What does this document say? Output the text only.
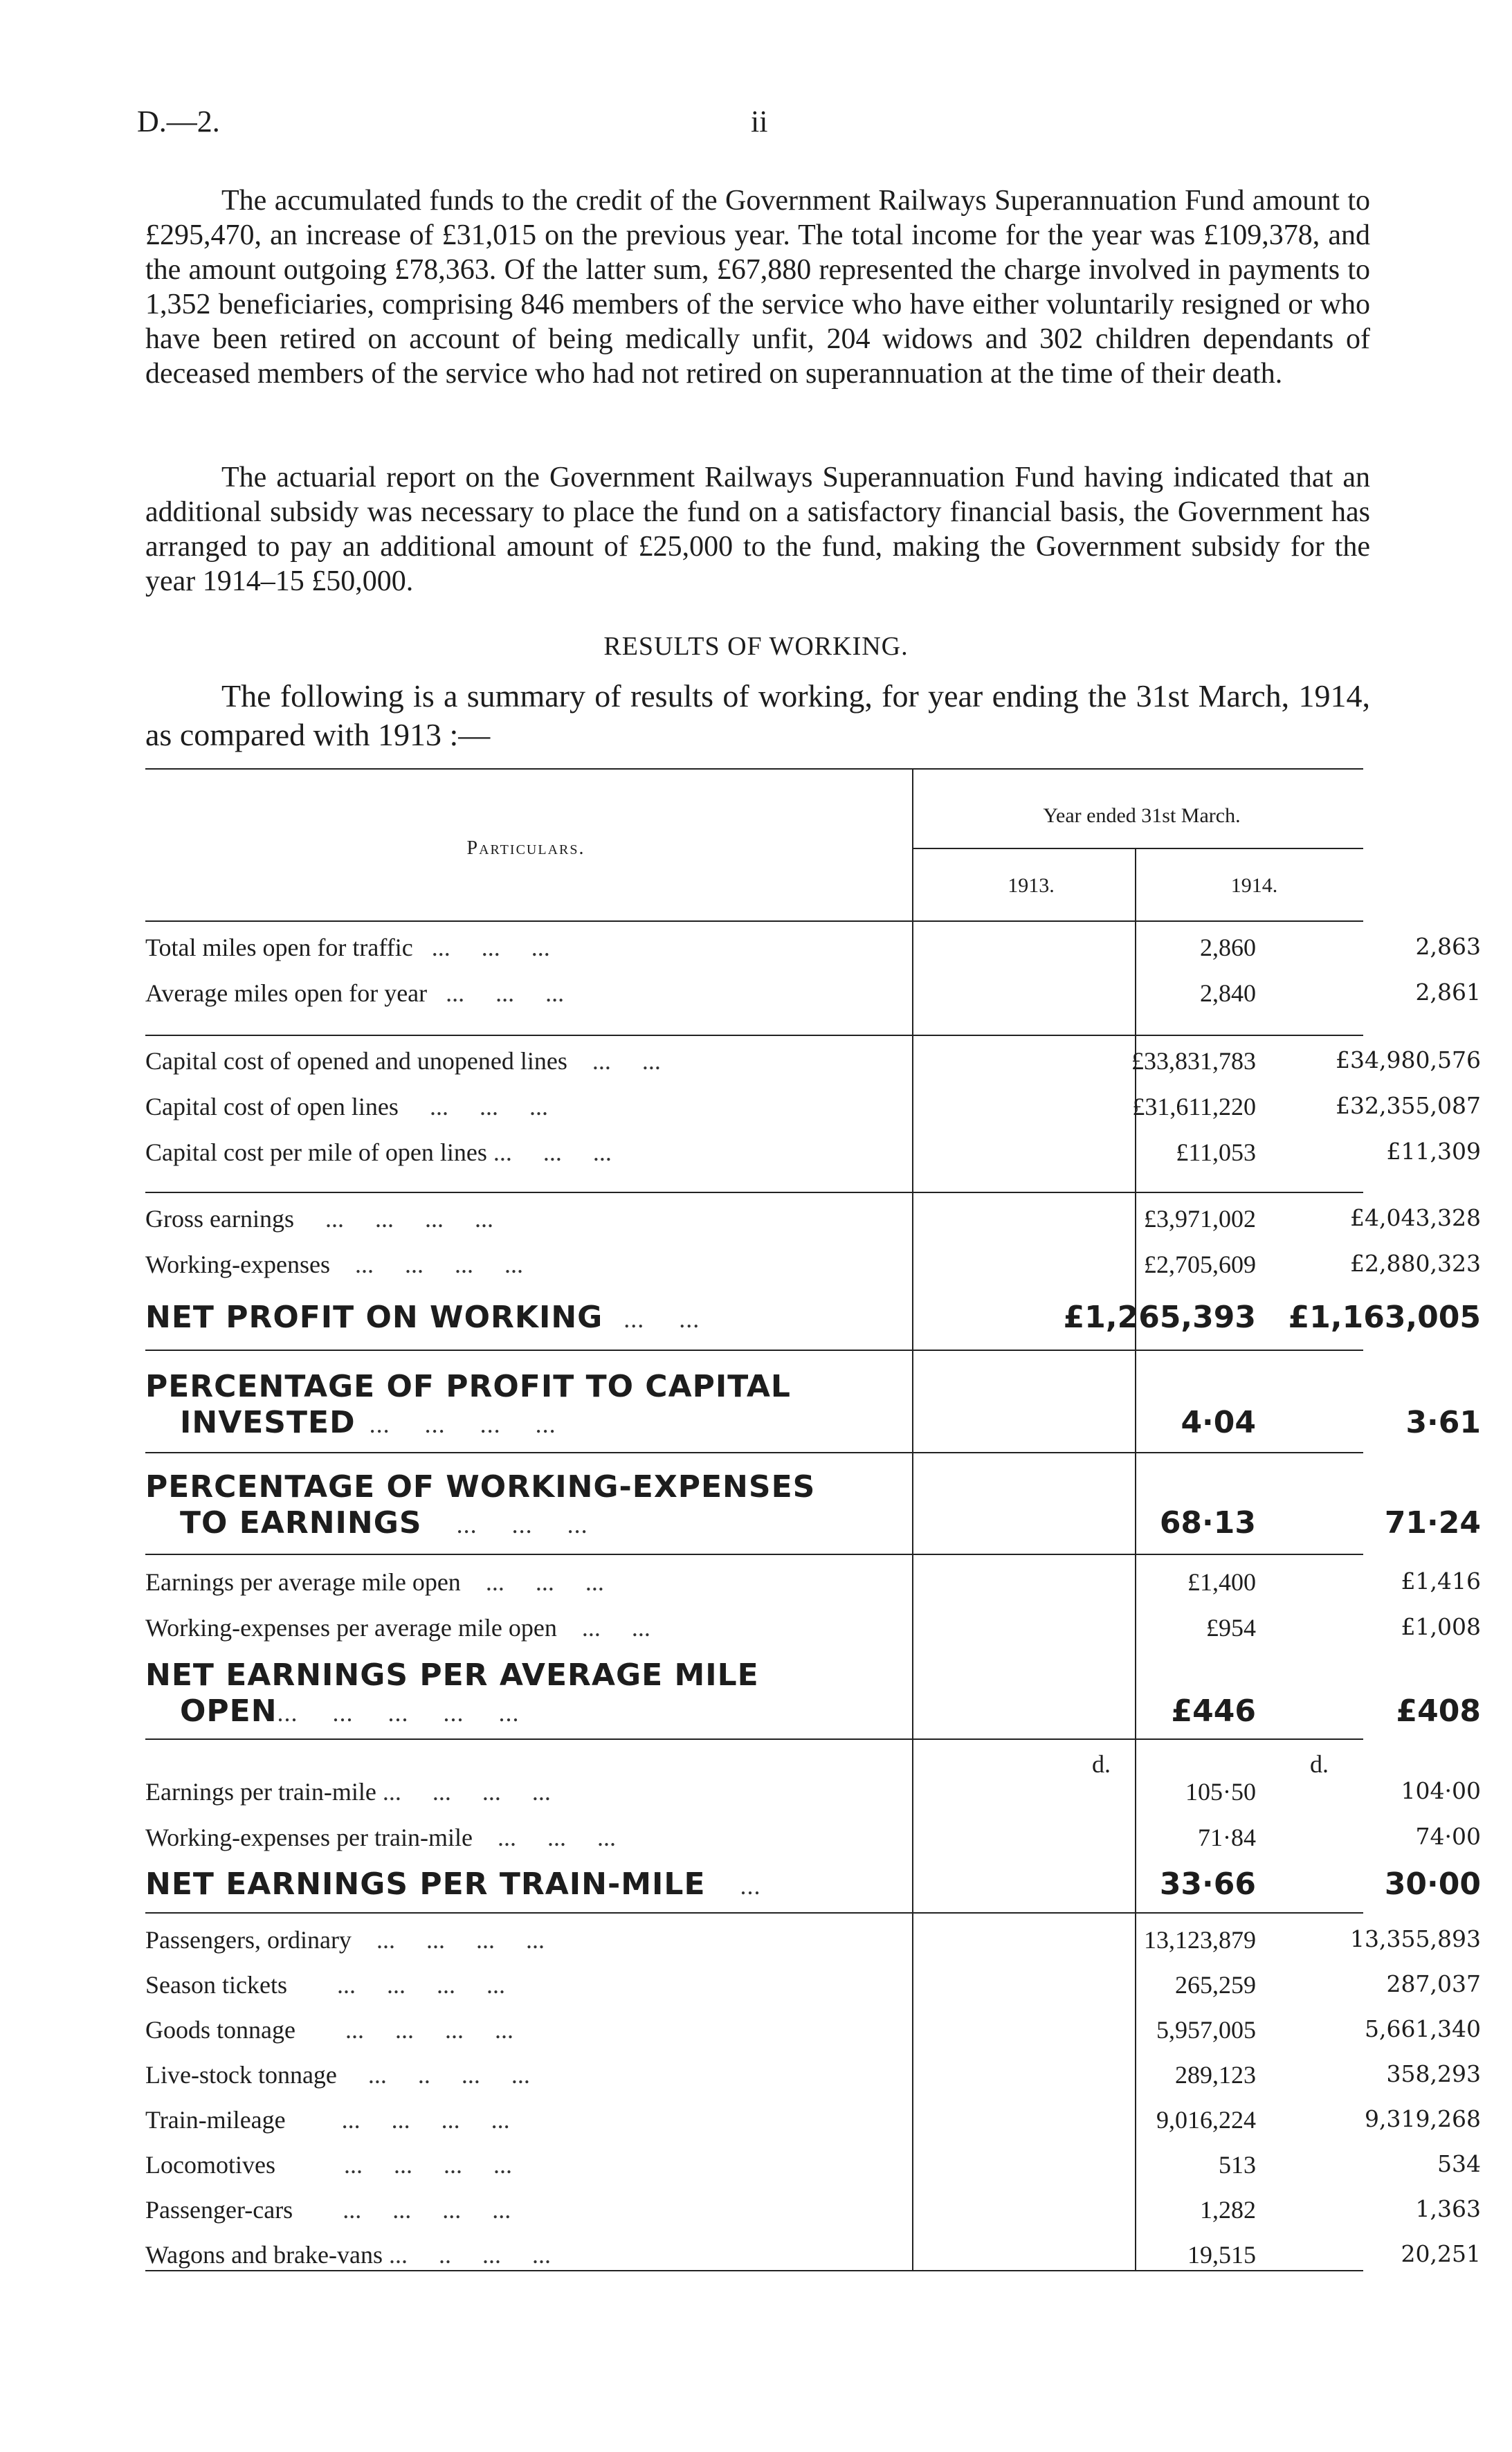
D.—2.	ii

The accumulated funds to the credit of the Government Railways Superannuation Fund amount to £295,470, an increase of £31,015 on the previous year. The total income for the year was £109,378, and the amount outgoing £78,363. Of the latter sum, £67,880 represented the charge involved in payments to 1,352 beneficiaries, comprising 846 members of the service who have either voluntarily resigned or who have been retired on account of being medically unfit, 204 widows and 302 children dependants of deceased members of the service who had not retired on superannuation at the time of their death.

The actuarial report on the Government Railways Superannuation Fund having indicated that an additional subsidy was necessary to place the fund on a satisfactory financial basis, the Government has arranged to pay an additional amount of £25,000 to the fund, making the Government subsidy for the year 1914–15 £50,000.

RESULTS OF WORKING.

The following is a summary of results of working, for year ending the 31st March, 1914, as compared with 1913 :—

Particulars.
Year ended 31st March.
1913.	1914.
Total miles open for traffic   ...     ...     ...	2,860	2,863
Average miles open for year   ...     ...     ...	2,840	2,861
Capital cost of opened and unopened lines    ...     ...	£33,831,783	£34,980,576
Capital cost of open lines     ...     ...     ...	£31,611,220	£32,355,087
Capital cost per mile of open lines ...     ...     ...	£11,053	£11,309
Gross earnings     ...     ...     ...     ...	£3,971,002	£4,043,328
Working-expenses    ...     ...     ...     ...	£2,705,609	£2,880,323
NET PROFIT ON WORKING   ...     ...	£1,265,393	£1,163,005
PERCENTAGE OF PROFIT TO CAPITAL
INVESTED  ...     ...     ...     ...	4·04	3·61
PERCENTAGE OF WORKING-EXPENSES
TO EARNINGS     ...     ...     ...	68·13	71·24
Earnings per average mile open    ...     ...     ...	£1,400	£1,416
Working-expenses per average mile open    ...     ...	£954	£1,008
NET EARNINGS PER AVERAGE MILE
OPEN...     ...     ...     ...     ...	£446	£408
d.	d.
Earnings per train-mile ...     ...     ...     ...	105·50	104·00
Working-expenses per train-mile    ...     ...     ...	71·84	74·00
NET EARNINGS PER TRAIN-MILE     ...	33·66	30·00
Passengers, ordinary    ...     ...     ...     ...	13,123,879	13,355,893
Season tickets        ...     ...     ...     ...	265,259	287,037
Goods tonnage        ...     ...     ...     ...	5,957,005	5,661,340
Live-stock tonnage     ...     ..     ...     ...	289,123	358,293
Train-mileage         ...     ...     ...     ...	9,016,224	9,319,268
Locomotives           ...     ...     ...     ...	513	534
Passenger-cars        ...     ...     ...     ...	1,282	1,363
Wagons and brake-vans ...     ..     ...     ...	19,515	20,251
